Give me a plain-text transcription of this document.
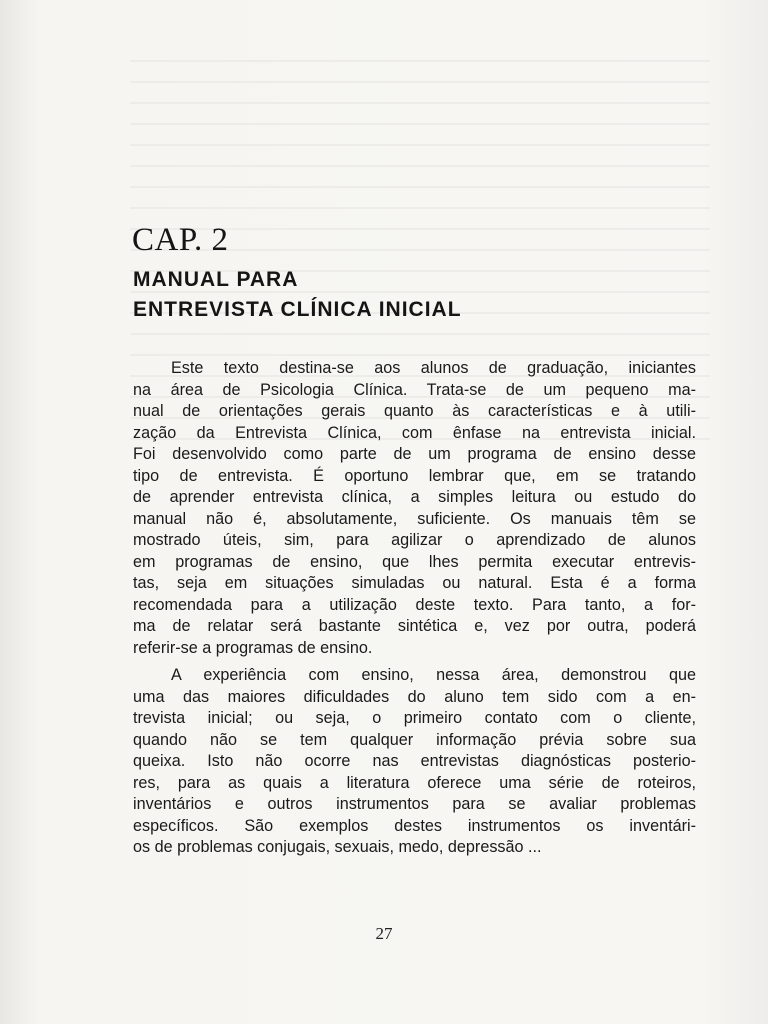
CAP. 2
MANUAL PARA
ENTREVISTA CLÍNICA INICIAL
Este texto destina-se aos alunos de graduação, iniciantes
na área de Psicologia Clínica. Trata-se de um pequeno ma-
nual de orientações gerais quanto às características e à utili-
zação da Entrevista Clínica, com ênfase na entrevista inicial.
Foi desenvolvido como parte de um programa de ensino desse
tipo de entrevista. É oportuno lembrar que, em se tratando
de aprender entrevista clínica, a simples leitura ou estudo do
manual não é, absolutamente, suficiente. Os manuais têm se
mostrado úteis, sim, para agilizar o aprendizado de alunos
em programas de ensino, que lhes permita executar entrevis-
tas, seja em situações simuladas ou natural. Esta é a forma
recomendada para a utilização deste texto. Para tanto, a for-
ma de relatar será bastante sintética e, vez por outra, poderá
referir-se a programas de ensino.
A experiência com ensino, nessa área, demonstrou que
uma das maiores dificuldades do aluno tem sido com a en-
trevista inicial; ou seja, o primeiro contato com o cliente,
quando não se tem qualquer informação prévia sobre sua
queixa. Isto não ocorre nas entrevistas diagnósticas posterio-
res, para as quais a literatura oferece uma série de roteiros,
inventários e outros instrumentos para se avaliar problemas
específicos. São exemplos destes instrumentos os inventári-
os de problemas conjugais, sexuais, medo, depressão ...
27
